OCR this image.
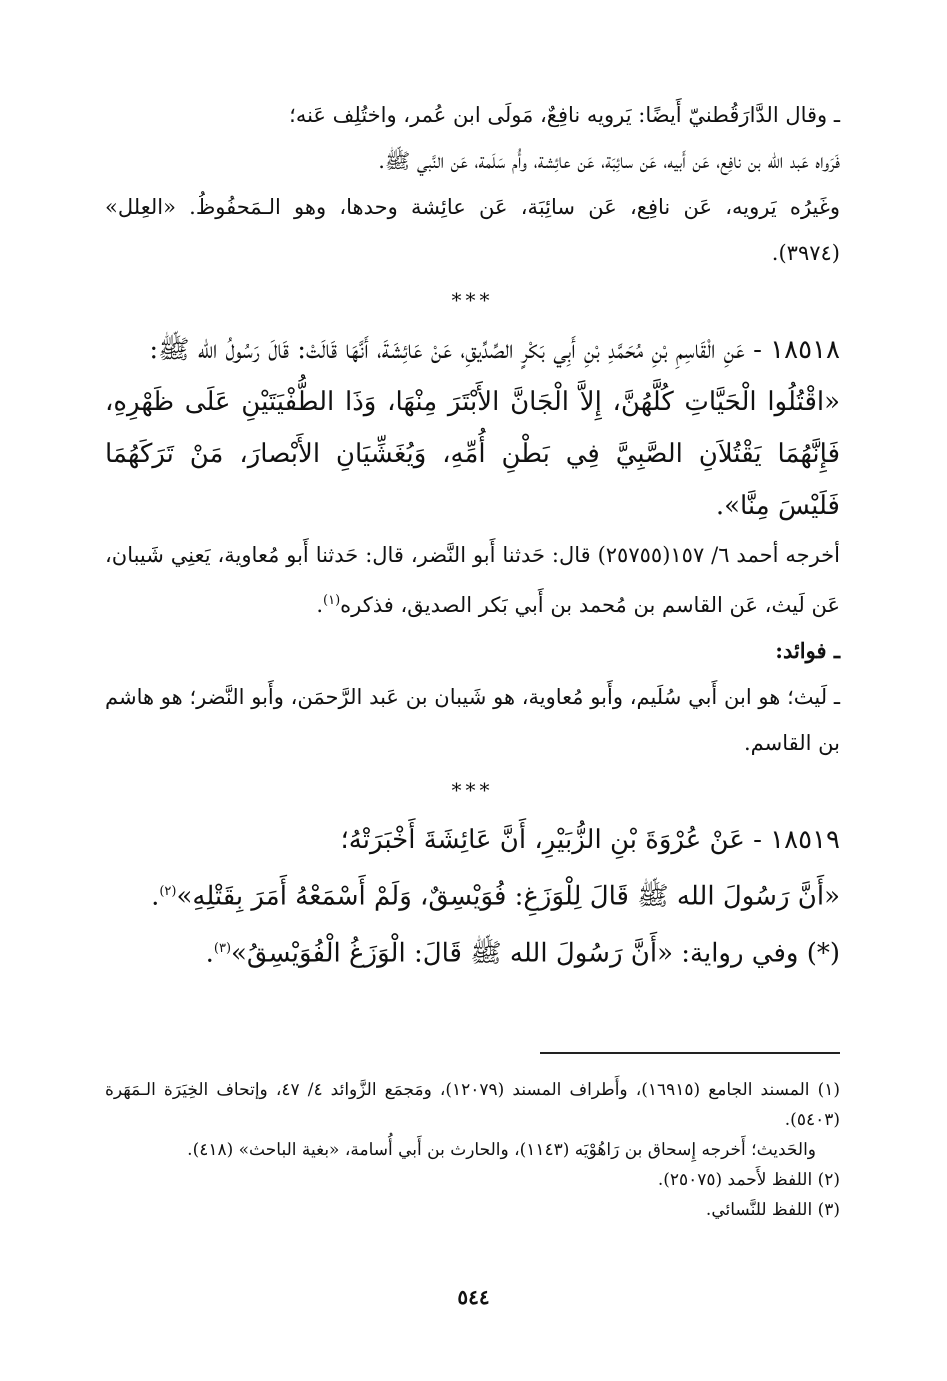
ـ وقال الدَّارَقُطنيّ أَيضًا: يَرويه نافِعٌ، مَولَى ابن عُمر، واختُلِف عَنه؛

فَرَواه عَبد الله بن نافِع، عَن أَبيه، عَن سائِبَة، عَن عائِشة، وأُم سَلَمة، عَن النَّبي ﷺ.

وغَيرُه يَرويه، عَن نافِع، عَن سائِبَة، عَن عائِشة وحدها، وهو الـمَحفُوظُ. «العِلل» (٣٩٧٤).

***

١٨٥١٨ - عَنِ الْقَاسِمِ بْنِ مُحَمَّدِ بْنِ أَبِي بَكْرٍ الصِّدِّيقِ، عَنْ عَائِشَةَ، أَنَّهَا قَالَتْ: قَالَ رَسُولُ الله ﷺ:

«اقْتُلُوا الْحَيَّاتِ كُلَّهُنَّ، إِلاَّ الْجَانَّ الأَبْتَرَ مِنْهَا، وَذَا الطُّفْيَتَيْنِ عَلَى ظَهْرِهِ، فَإِنَّهُمَا يَقْتُلاَنِ الصَّبِيَّ فِي بَطْنِ أُمِّهِ، وَيُغَشِّيَانِ الأَبْصارَ، مَنْ تَرَكَهُمَا فَلَيْسَ مِنَّا».

أخرجه أحمد ٦/ ١٥٧(٢٥٧٥٥) قال: حَدثنا أَبو النَّضر، قال: حَدثنا أَبو مُعاوية، يَعنِي شَيبان، عَن لَيث، عَن القاسم بن مُحمد بن أَبي بَكر الصديق، فذكره$^{(١)}$.

ـ فوائد:

ـ لَيث؛ هو ابن أَبي سُلَيم، وأَبو مُعاوية، هو شَيبان بن عَبد الرَّحمَن، وأَبو النَّضر؛ هو هاشم بن القاسم.

***

١٨٥١٩ - عَنْ عُرْوَةَ بْنِ الزُّبَيْرِ، أَنَّ عَائِشَةَ أَخْبَرَتْهُ؛

«أَنَّ رَسُولَ الله ﷺ قَالَ لِلْوَزَغِ: فُوَيْسِقٌ، وَلَمْ أَسْمَعْهُ أَمَرَ بِقَتْلِهِ»$^{(٢)}$.

(*) وفي رواية: «أَنَّ رَسُولَ الله ﷺ قَالَ: الْوَزَغُ الْفُوَيْسِقُ»$^{(٣)}$.

(١) المسند الجامع (١٦٩١٥)، وأَطراف المسند (١٢٠٧٩)، ومَجمَع الزَّوائد ٤/ ٤٧، وإتحاف الخِيَرَة الـمَهَرة (٥٤٠٣).

والحَديث؛ أَخرجه إِسحاق بن رَاهُوْيَه (١١٤٣)، والحارث بن أَبي أُسامة، «بغية الباحث» (٤١٨).

(٢) اللفظ لأَحمد (٢٥٠٧٥).

(٣) اللفظ للنَّسائي.

٥٤٤
